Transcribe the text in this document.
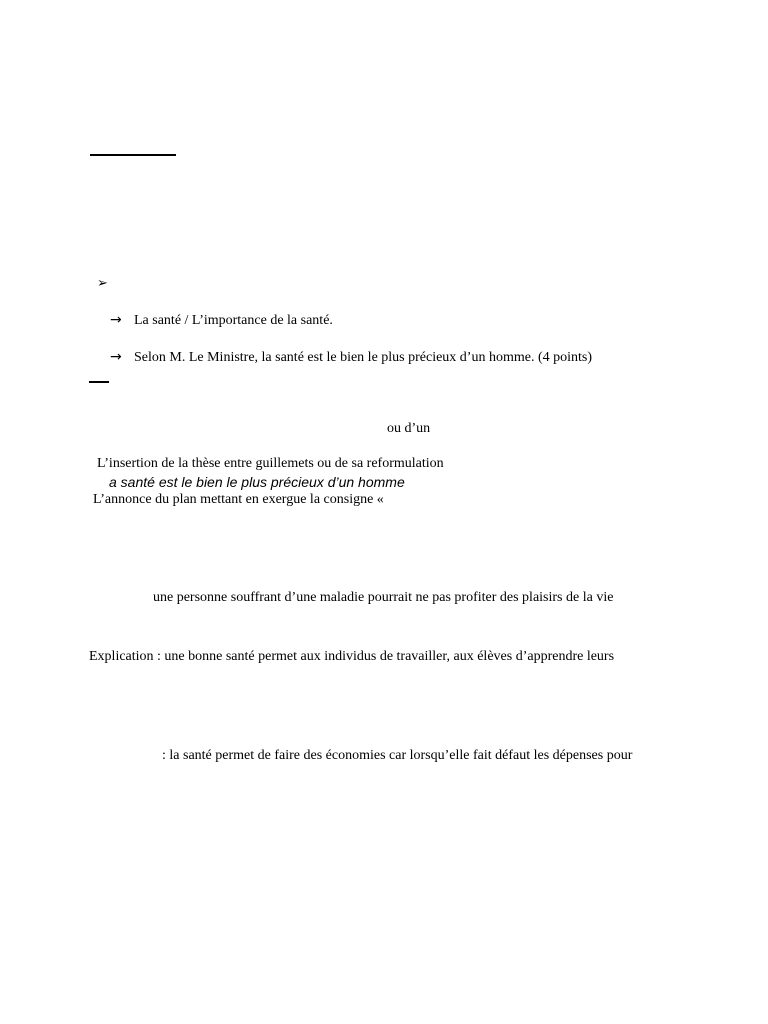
➢
→ La santé / L’importance de la santé.
→ Selon M. Le Ministre, la santé est le bien le plus précieux d’un homme. (4 points)
ou d’un
L’insertion de la thèse entre guillemets ou de sa reformulation
a santé est le bien le plus précieux d’un homme
L’annonce du plan mettant en exergue la consigne «
une personne souffrant d’une maladie pourrait ne pas profiter des plaisirs de la vie
Explication : une bonne santé permet aux individus de travailler, aux élèves d’apprendre leurs
: la santé permet de faire des économies car lorsqu’elle fait défaut les dépenses pour
